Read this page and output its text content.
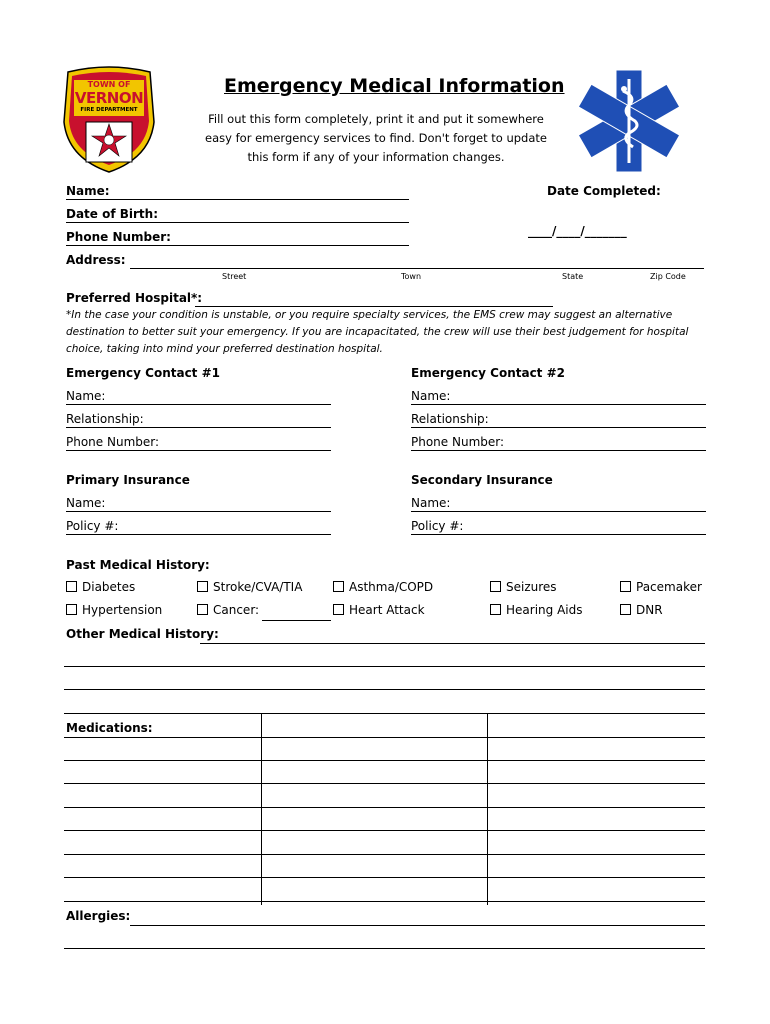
TOWN OF
VERNON
FIRE DEPARTMENT
Emergency Medical Information
Fill out this form completely, print it and put it somewhere easy for emergency services to find. Don't forget to update this form if any of your information changes.
Name:	Date Completed:
Date of Birth:
____/____/_______
Phone Number:
Address:
Street	Town	State	Zip Code
Preferred Hospital*:
*In the case your condition is unstable, or you require specialty services, the EMS crew may suggest an alternative destination to better suit your emergency. If you are incapacitated, the crew will use their best judgement for hospital choice, taking into mind your preferred destination hospital.
Emergency Contact #1	Emergency Contact #2
Name:	Name:
Relationship:	Relationship:
Phone Number:	Phone Number:
Primary Insurance	Secondary Insurance
Name:	Name:
Policy #:	Policy #:
Past Medical History:
Diabetes	Stroke/CVA/TIA	Asthma/COPD	Seizures	Pacemaker
Hypertension	Cancer:	Heart Attack	Hearing Aids	DNR
Other Medical History:
Medications:
Allergies:
